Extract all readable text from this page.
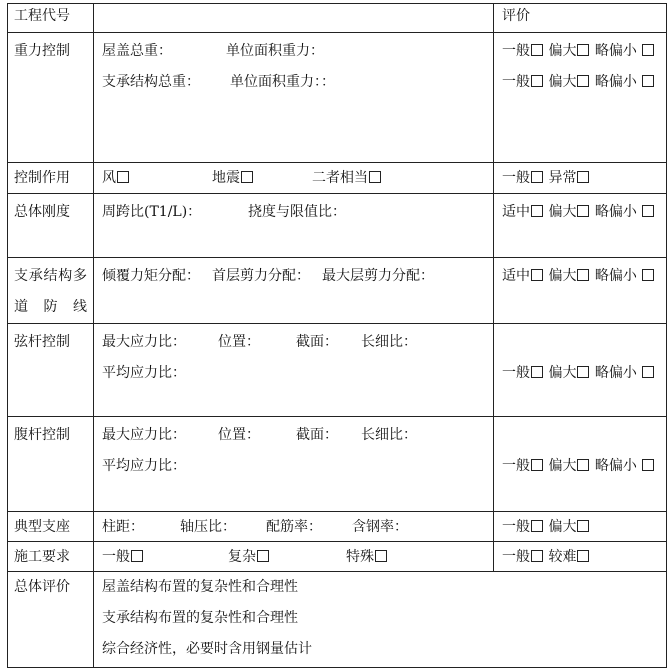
工程代号		评价

重力控制	屋盖总重： 单位面积重力：
支承结构总重： 单位面积重力：：	一般 偏大 略偏小
一般 偏大 略偏小

控制作用	风 地震 二者相当	一般 异常

总体刚度	周跨比(T1/L)： 挠度与限值比：	适中 偏大 略偏小

支承结构多道防线	倾覆力矩分配： 首层剪力分配： 最大层剪力分配：	适中 偏大 略偏小

弦杆控制	最大应力比： 位置： 截面： 长细比：
平均应力比：	一般 偏大 略偏小

腹杆控制	最大应力比： 位置： 截面： 长细比：
平均应力比：	一般 偏大 略偏小

典型支座	柱距： 轴压比： 配筋率： 含钢率：	一般 偏大

施工要求	一般 复杂 特殊	一般 较难

总体评价	屋盖结构布置的复杂性和合理性
支承结构布置的复杂性和合理性
综合经济性，必要时含用钢量估计	
